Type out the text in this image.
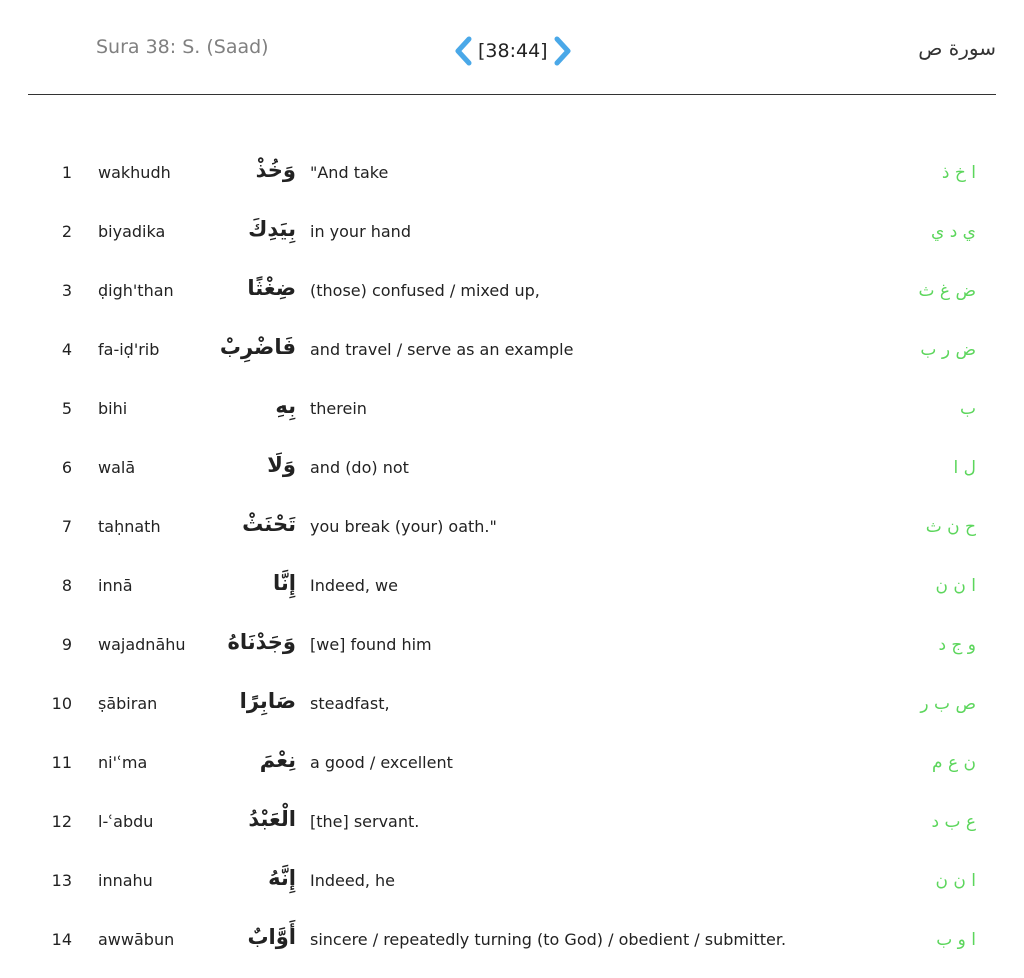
Sura 38: S. (Saad)	[38:44]	سورة ص
1 wakhudh	وَخُذْ "And take	ا خ ذ
2 biyadika	بِيَدِكَ in your hand	ي د ي
3 ḍigh'than	ضِغْثًا (those) confused / mixed up,	ض غ ث
4 fa-iḍ'rib	فَاضْرِبْ and travel / serve as an example	ض ر ب
5 bihi	بِهِ therein	ب
6 walā	وَلَا and (do) not	ل ا
7 taḥnath	تَحْنَثْ you break (your) oath."	ح ن ث
8 innā	إِنَّا Indeed, we	ا ن ن
9 wajadnāhu	وَجَدْنَاهُ [we] found him	و ج د
10 ṣābiran	صَابِرًا steadfast,	ص ب ر
11 ni'ʿma	نِعْمَ a good / excellent	ن ع م
12 l-ʿabdu	الْعَبْدُ [the] servant.	ع ب د
13 innahu	إِنَّهُ Indeed, he	ا ن ن
14 awwābun	أَوَّابٌ sincere / repeatedly turning (to God) / obedient / submitter.	ا و ب
